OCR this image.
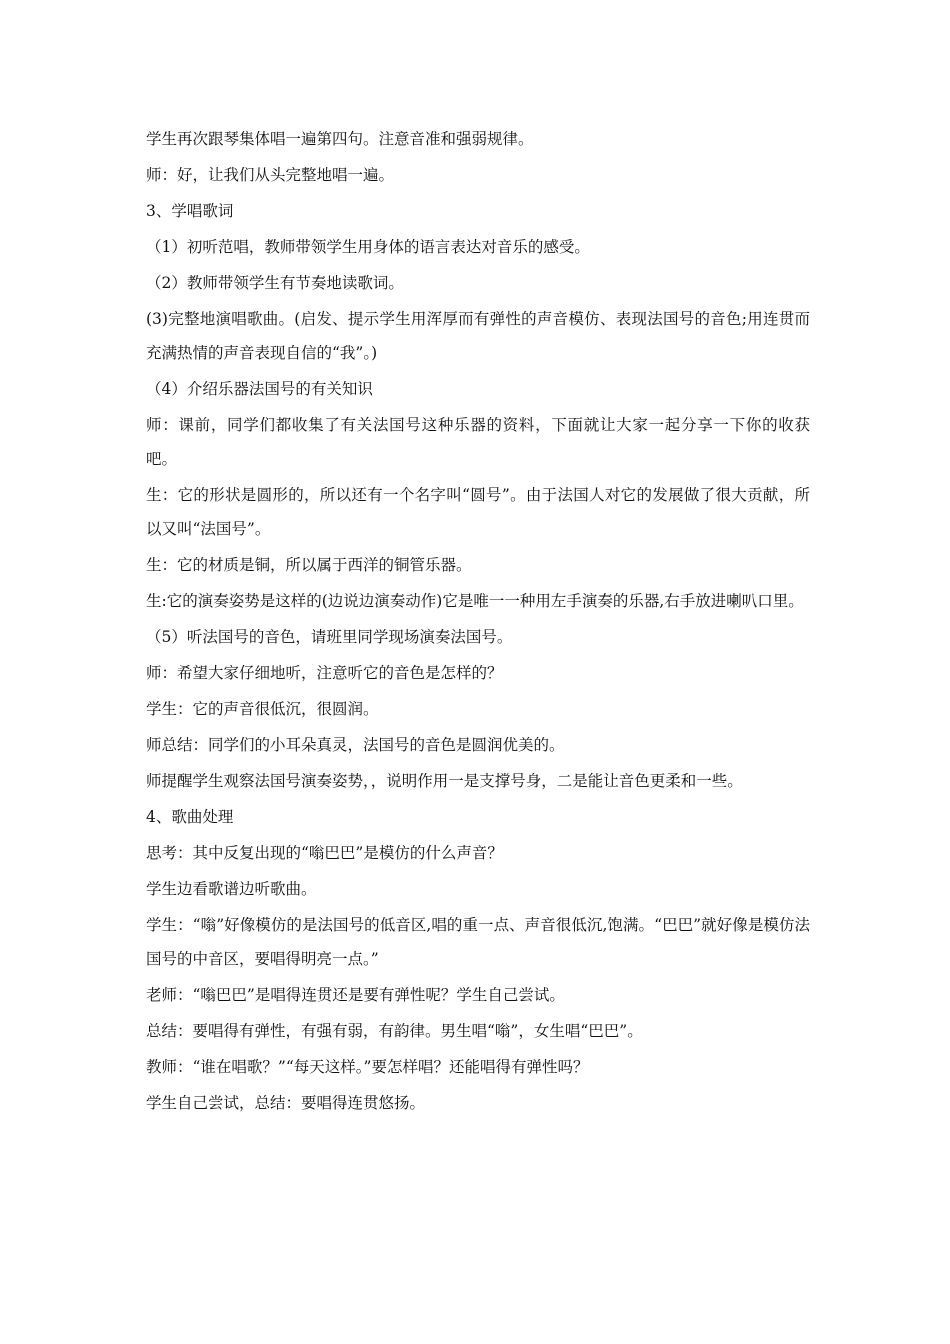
学生再次跟琴集体唱一遍第四句。注意音准和强弱规律。

师：好，让我们从头完整地唱一遍。

3、学唱歌词

（1）初听范唱，教师带领学生用身体的语言表达对音乐的感受。

（2）教师带领学生有节奏地读歌词。

(3)完整地演唱歌曲。(启发、提示学生用浑厚而有弹性的声音模仿、表现法国号的音色;用连贯而充满热情的声音表现自信的“我”。)

（4）介绍乐器法国号的有关知识

师：课前，同学们都收集了有关法国号这种乐器的资料，下面就让大家一起分享一下你的收获吧。

生：它的形状是圆形的，所以还有一个名字叫“圆号”。由于法国人对它的发展做了很大贡献，所以又叫“法国号”。

生：它的材质是铜，所以属于西洋的铜管乐器。

生:它的演奏姿势是这样的(边说边演奏动作)它是唯一一种用左手演奏的乐器,右手放进喇叭口里。

（5）听法国号的音色，请班里同学现场演奏法国号。

师：希望大家仔细地听，注意听它的音色是怎样的？

学生：它的声音很低沉，很圆润。

师总结：同学们的小耳朵真灵，法国号的音色是圆润优美的。

师提醒学生观察法国号演奏姿势，，说明作用一是支撑号身，二是能让音色更柔和一些。

4、歌曲处理

思考：其中反复出现的“嗡巴巴”是模仿的什么声音？

学生边看歌谱边听歌曲。

学生：“嗡”好像模仿的是法国号的低音区,唱的重一点、声音很低沉,饱满。“巴巴”就好像是模仿法国号的中音区，要唱得明亮一点。”

老师：“嗡巴巴”是唱得连贯还是要有弹性呢？学生自己尝试。

总结：要唱得有弹性，有强有弱，有韵律。男生唱“嗡”，女生唱“巴巴”。

教师：“谁在唱歌？”“每天这样。”要怎样唱？还能唱得有弹性吗？

学生自己尝试，总结：要唱得连贯悠扬。
